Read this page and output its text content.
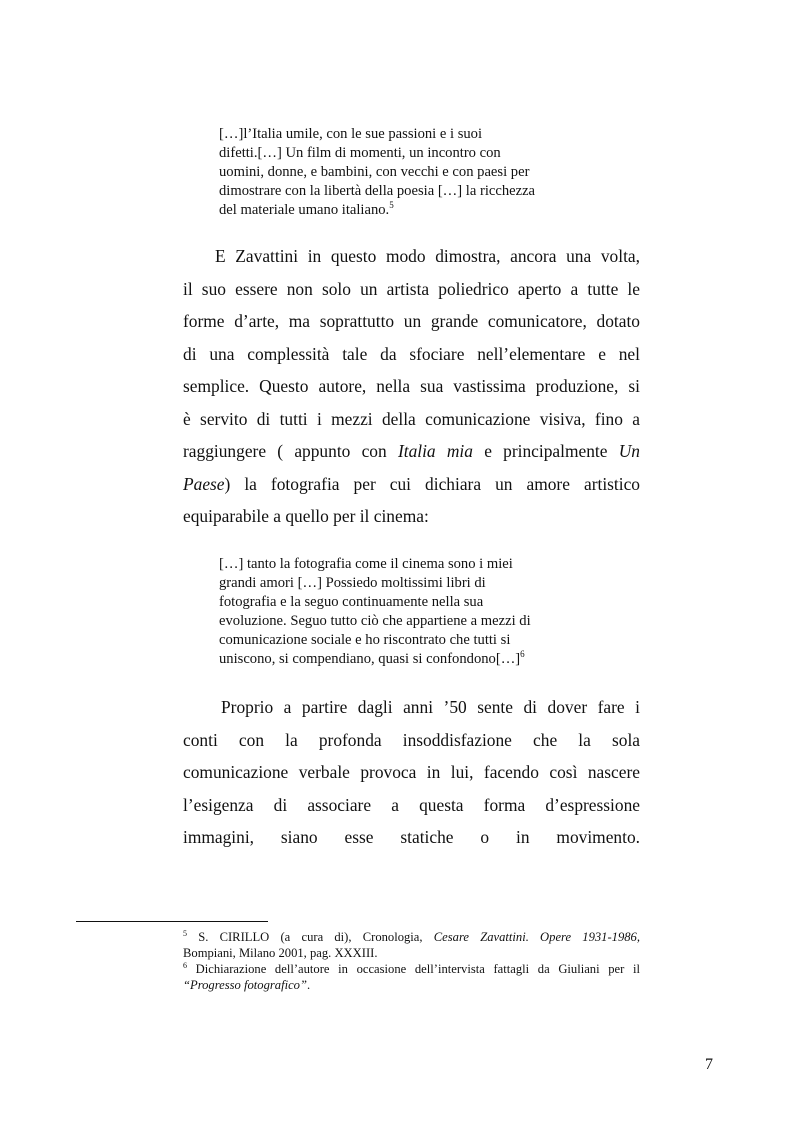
[…]l’Italia umile, con le sue passioni e i suoi
difetti.[…] Un film di momenti, un incontro con
uomini, donne, e bambini, con vecchi e con paesi per
dimostrare con la libertà della poesia […] la ricchezza
del materiale umano italiano.$^5$
E Zavattini in questo modo dimostra, ancora una volta,
il suo essere non solo un artista poliedrico aperto a tutte le
forme d’arte, ma soprattutto un grande comunicatore, dotato
di una complessità tale da sfociare nell’elementare e nel
semplice. Questo autore, nella sua vastissima produzione, si
è servito di tutti i mezzi della comunicazione visiva, fino a
raggiungere ( appunto con Italia mia e principalmente Un
Paese) la fotografia per cui dichiara un amore artistico
equiparabile a quello per il cinema:
[…] tanto la fotografia come il cinema sono i miei
grandi amori […] Possiedo moltissimi libri di
fotografia e la seguo continuamente nella sua
evoluzione. Seguo tutto ciò che appartiene a mezzi di
comunicazione sociale e ho riscontrato che tutti si
uniscono, si compendiano, quasi si confondono[…]$^6$
Proprio a partire dagli anni ’50 sente di dover fare i
conti con la profonda insoddisfazione che la sola
comunicazione verbale provoca in lui, facendo così nascere
l’esigenza di associare a questa forma d’espressione
immagini, siano esse statiche o in movimento.
$^5$ S. CIRILLO (a cura di), Cronologia, Cesare Zavattini. Opere 1931-1986,
Bompiani, Milano 2001, pag. XXXIII.
$^6$ Dichiarazione dell’autore in occasione dell’intervista fattagli da Giuliani per il
“Progresso fotografico”.
7
